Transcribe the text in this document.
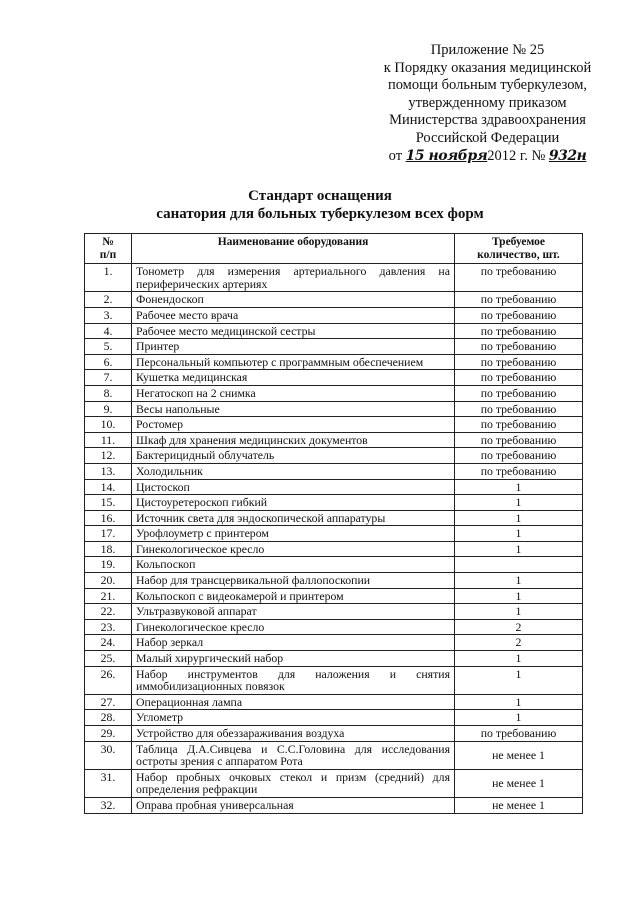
Приложение № 25
к Порядку оказания медицинской
помощи больным туберкулезом,
утвержденному приказом
Министерства здравоохранения
Российской Федерации
от 15 ноября2012 г. № 932н
Стандарт оснащения
санатория для больных туберкулезом всех форм
№
п/п	Наименование оборудования	Требуемое
количество, шт.
1.	Тонометр для измерения артериального давления на периферических артериях	по требованию
2.	Фонендоскоп	по требованию
3.	Рабочее место врача	по требованию
4.	Рабочее место медицинской сестры	по требованию
5.	Принтер	по требованию
6.	Персональный компьютер с программным обеспечением	по требованию
7.	Кушетка медицинская	по требованию
8.	Негатоскоп на 2 снимка	по требованию
9.	Весы напольные	по требованию
10.	Ростомер	по требованию
11.	Шкаф для хранения медицинских документов	по требованию
12.	Бактерицидный облучатель	по требованию
13.	Холодильник	по требованию
14.	Цистоскоп	1
15.	Цистоуретероскоп гибкий	1
16.	Источник света для эндоскопической аппаратуры	1
17.	Урофлоуметр с принтером	1
18.	Гинекологическое кресло	1
19.	Кольпоскоп	
20.	Набор для трансцервикальной фаллопоскопии	1
21.	Кольпоскоп с видеокамерой и принтером	1
22.	Ультразвуковой аппарат	1
23.	Гинекологическое кресло	2
24.	Набор зеркал	2
25.	Малый хирургический набор	1
26.	Набор инструментов для наложения и снятия иммобилизационных повязок	1
27.	Операционная лампа	1
28.	Углометр	1
29.	Устройство для обеззараживания воздуха	по требованию
30.	Таблица Д.А.Сивцева и С.С.Головина для исследования остроты зрения с аппаратом Рота	не менее 1
31.	Набор пробных очковых стекол и призм (средний) для определения рефракции	не менее 1
32.	Оправа пробная универсальная	не менее 1
